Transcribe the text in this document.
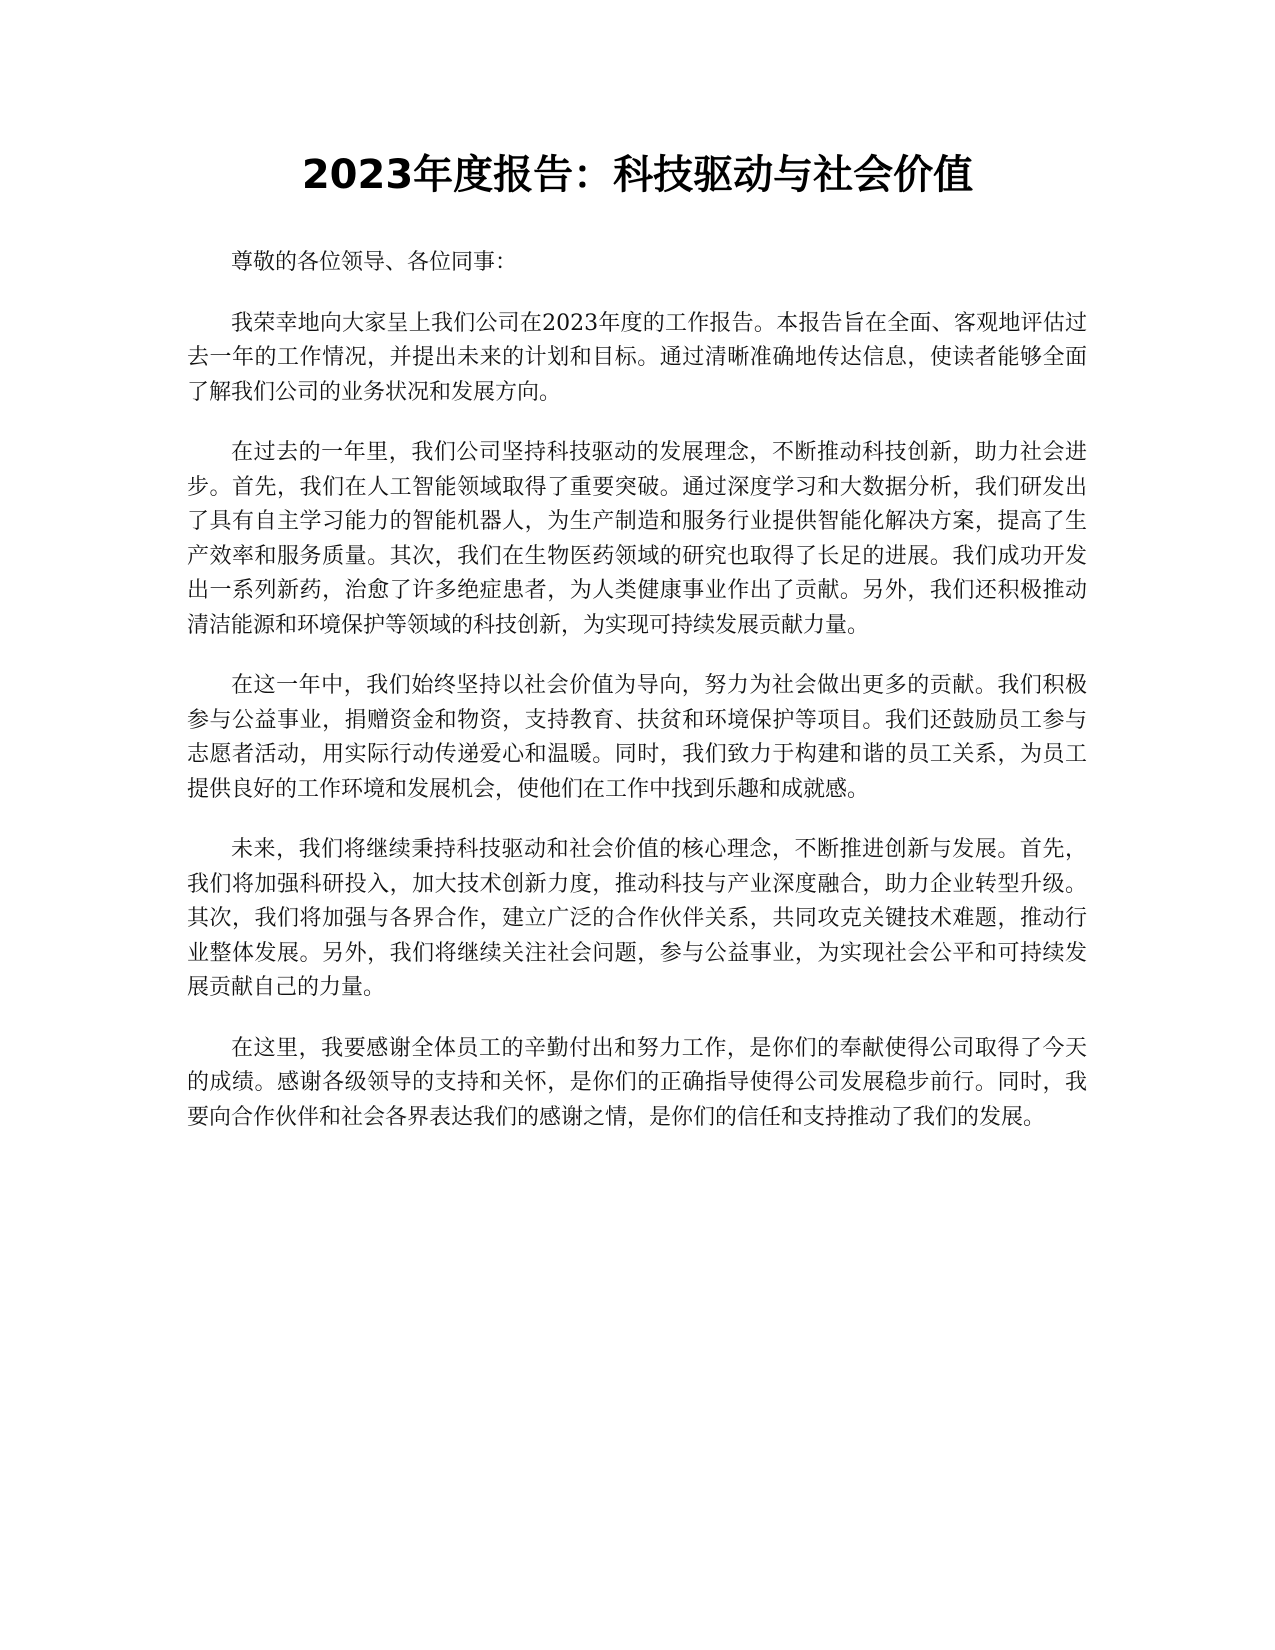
2023年度报告：科技驱动与社会价值

尊敬的各位领导、各位同事：

我荣幸地向大家呈上我们公司在2023年度的工作报告。本报告旨在全面、客观地评估过去一年的工作情况，并提出未来的计划和目标。通过清晰准确地传达信息，使读者能够全面了解我们公司的业务状况和发展方向。

在过去的一年里，我们公司坚持科技驱动的发展理念，不断推动科技创新，助力社会进步。首先，我们在人工智能领域取得了重要突破。通过深度学习和大数据分析，我们研发出了具有自主学习能力的智能机器人，为生产制造和服务行业提供智能化解决方案，提高了生产效率和服务质量。其次，我们在生物医药领域的研究也取得了长足的进展。我们成功开发出一系列新药，治愈了许多绝症患者，为人类健康事业作出了贡献。另外，我们还积极推动清洁能源和环境保护等领域的科技创新，为实现可持续发展贡献力量。

在这一年中，我们始终坚持以社会价值为导向，努力为社会做出更多的贡献。我们积极参与公益事业，捐赠资金和物资，支持教育、扶贫和环境保护等项目。我们还鼓励员工参与志愿者活动，用实际行动传递爱心和温暖。同时，我们致力于构建和谐的员工关系，为员工提供良好的工作环境和发展机会，使他们在工作中找到乐趣和成就感。

未来，我们将继续秉持科技驱动和社会价值的核心理念，不断推进创新与发展。首先，我们将加强科研投入，加大技术创新力度，推动科技与产业深度融合，助力企业转型升级。其次，我们将加强与各界合作，建立广泛的合作伙伴关系，共同攻克关键技术难题，推动行业整体发展。另外，我们将继续关注社会问题，参与公益事业，为实现社会公平和可持续发展贡献自己的力量。

在这里，我要感谢全体员工的辛勤付出和努力工作，是你们的奉献使得公司取得了今天的成绩。感谢各级领导的支持和关怀，是你们的正确指导使得公司发展稳步前行。同时，我要向合作伙伴和社会各界表达我们的感谢之情，是你们的信任和支持推动了我们的发展。
